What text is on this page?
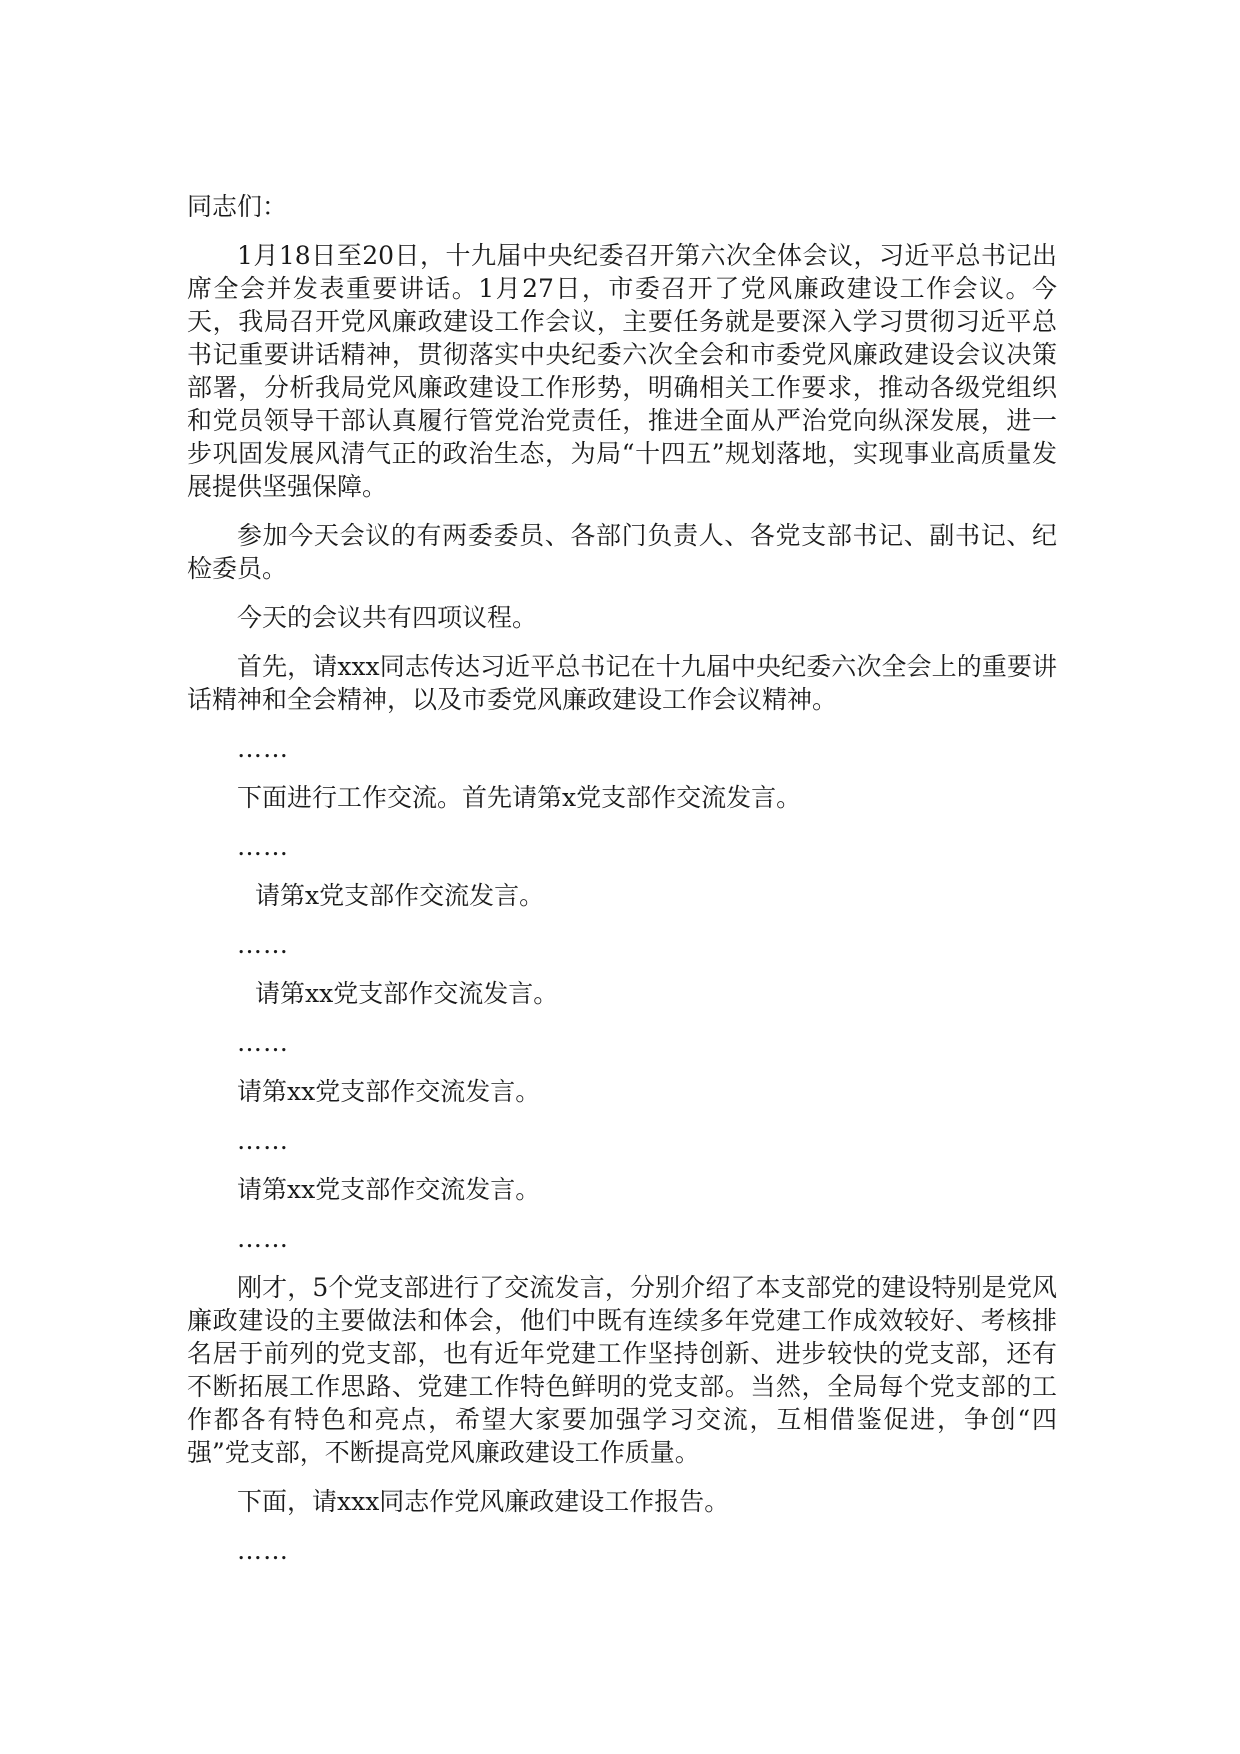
同志们：

1月18日至20日，十九届中央纪委召开第六次全体会议，习近平总书记出席全会并发表重要讲话。1月27日，市委召开了党风廉政建设工作会议。今天，我局召开党风廉政建设工作会议，主要任务就是要深入学习贯彻习近平总书记重要讲话精神，贯彻落实中央纪委六次全会和市委党风廉政建设会议决策部署，分析我局党风廉政建设工作形势，明确相关工作要求，推动各级党组织和党员领导干部认真履行管党治党责任，推进全面从严治党向纵深发展，进一步巩固发展风清气正的政治生态，为局“十四五”规划落地，实现事业高质量发展提供坚强保障。

参加今天会议的有两委委员、各部门负责人、各党支部书记、副书记、纪检委员。

今天的会议共有四项议程。

首先，请xxx同志传达习近平总书记在十九届中央纪委六次全会上的重要讲话精神和全会精神，以及市委党风廉政建设工作会议精神。

……

下面进行工作交流。首先请第x党支部作交流发言。

……

请第x党支部作交流发言。

……

请第xx党支部作交流发言。

……

请第xx党支部作交流发言。

……

请第xx党支部作交流发言。

……

刚才，5个党支部进行了交流发言，分别介绍了本支部党的建设特别是党风廉政建设的主要做法和体会，他们中既有连续多年党建工作成效较好、考核排名居于前列的党支部，也有近年党建工作坚持创新、进步较快的党支部，还有不断拓展工作思路、党建工作特色鲜明的党支部。当然，全局每个党支部的工作都各有特色和亮点，希望大家要加强学习交流，互相借鉴促进，争创“四强”党支部，不断提高党风廉政建设工作质量。

下面，请xxx同志作党风廉政建设工作报告。

……
